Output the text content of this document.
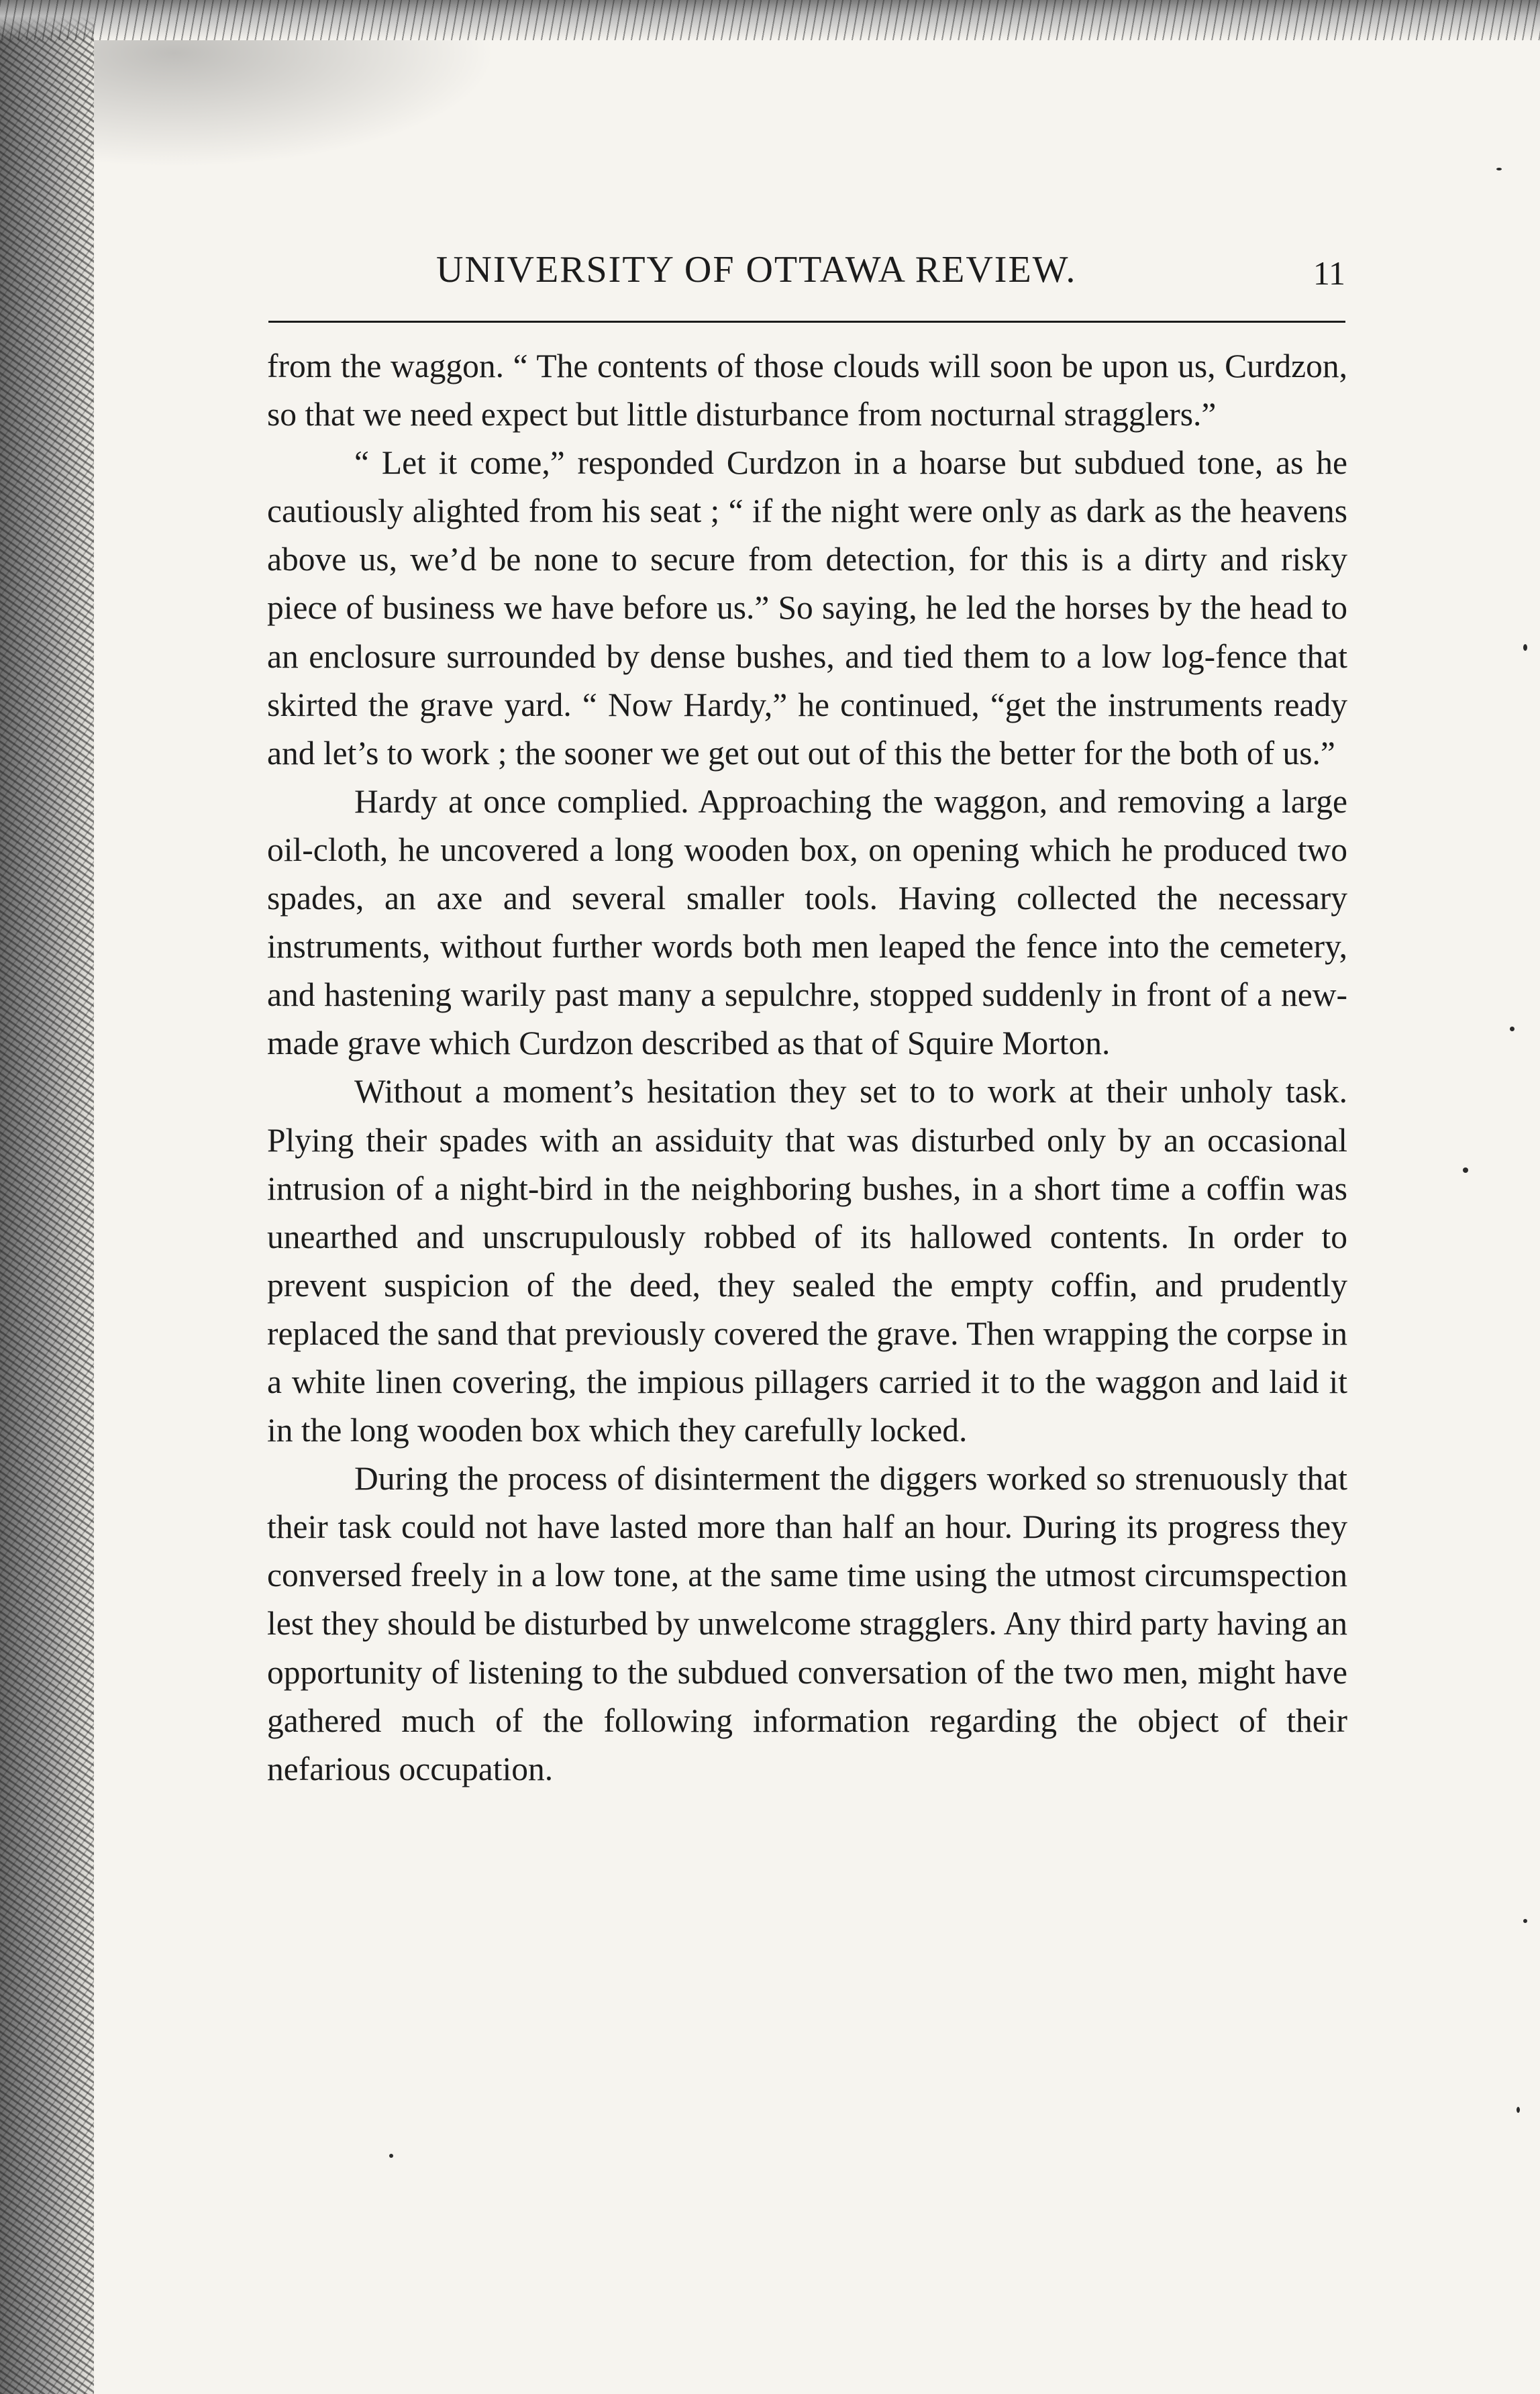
UNIVERSITY OF OTTAWA REVIEW.	11

from the waggon. “ The contents of those clouds will soon be upon us, Curdzon, so that we need expect but little disturbance from nocturnal stragglers.”

“ Let it come,” responded Curdzon in a hoarse but subdued tone, as he cautiously alighted from his seat ; “ if the night were only as dark as the heavens above us, we’d be none to secure from detection, for this is a dirty and risky piece of business we have before us.” So saying, he led the horses by the head to an enclosure surrounded by dense bushes, and tied them to a low log-fence that skirted the grave yard. “ Now Hardy,” he continued, “get the instruments ready and let’s to work ; the sooner we get out out of this the better for the both of us.”

Hardy at once complied. Approaching the waggon, and removing a large oil-cloth, he uncovered a long wooden box, on opening which he produced two spades, an axe and several smaller tools. Having collected the necessary instruments, without further words both men leaped the fence into the cemetery, and hastening warily past many a sepulchre, stopped suddenly in front of a new-made grave which Curdzon described as that of Squire Morton.

Without a moment’s hesitation they set to to work at their unholy task. Plying their spades with an assiduity that was disturbed only by an occasional intrusion of a night-bird in the neighboring bushes, in a short time a coffin was unearthed and unscrupulously robbed of its hallowed contents. In order to prevent suspicion of the deed, they sealed the empty coffin, and prudently replaced the sand that previously covered the grave. Then wrapping the corpse in a white linen covering, the impious pillagers carried it to the waggon and laid it in the long wooden box which they carefully locked.

During the process of disinterment the diggers worked so strenuously that their task could not have lasted more than half an hour. During its progress they conversed freely in a low tone, at the same time using the utmost circumspection lest they should be disturbed by unwelcome stragglers. Any third party having an opportunity of listening to the subdued conversation of the two men, might have gathered much of the following information regarding the object of their nefarious occupation.
